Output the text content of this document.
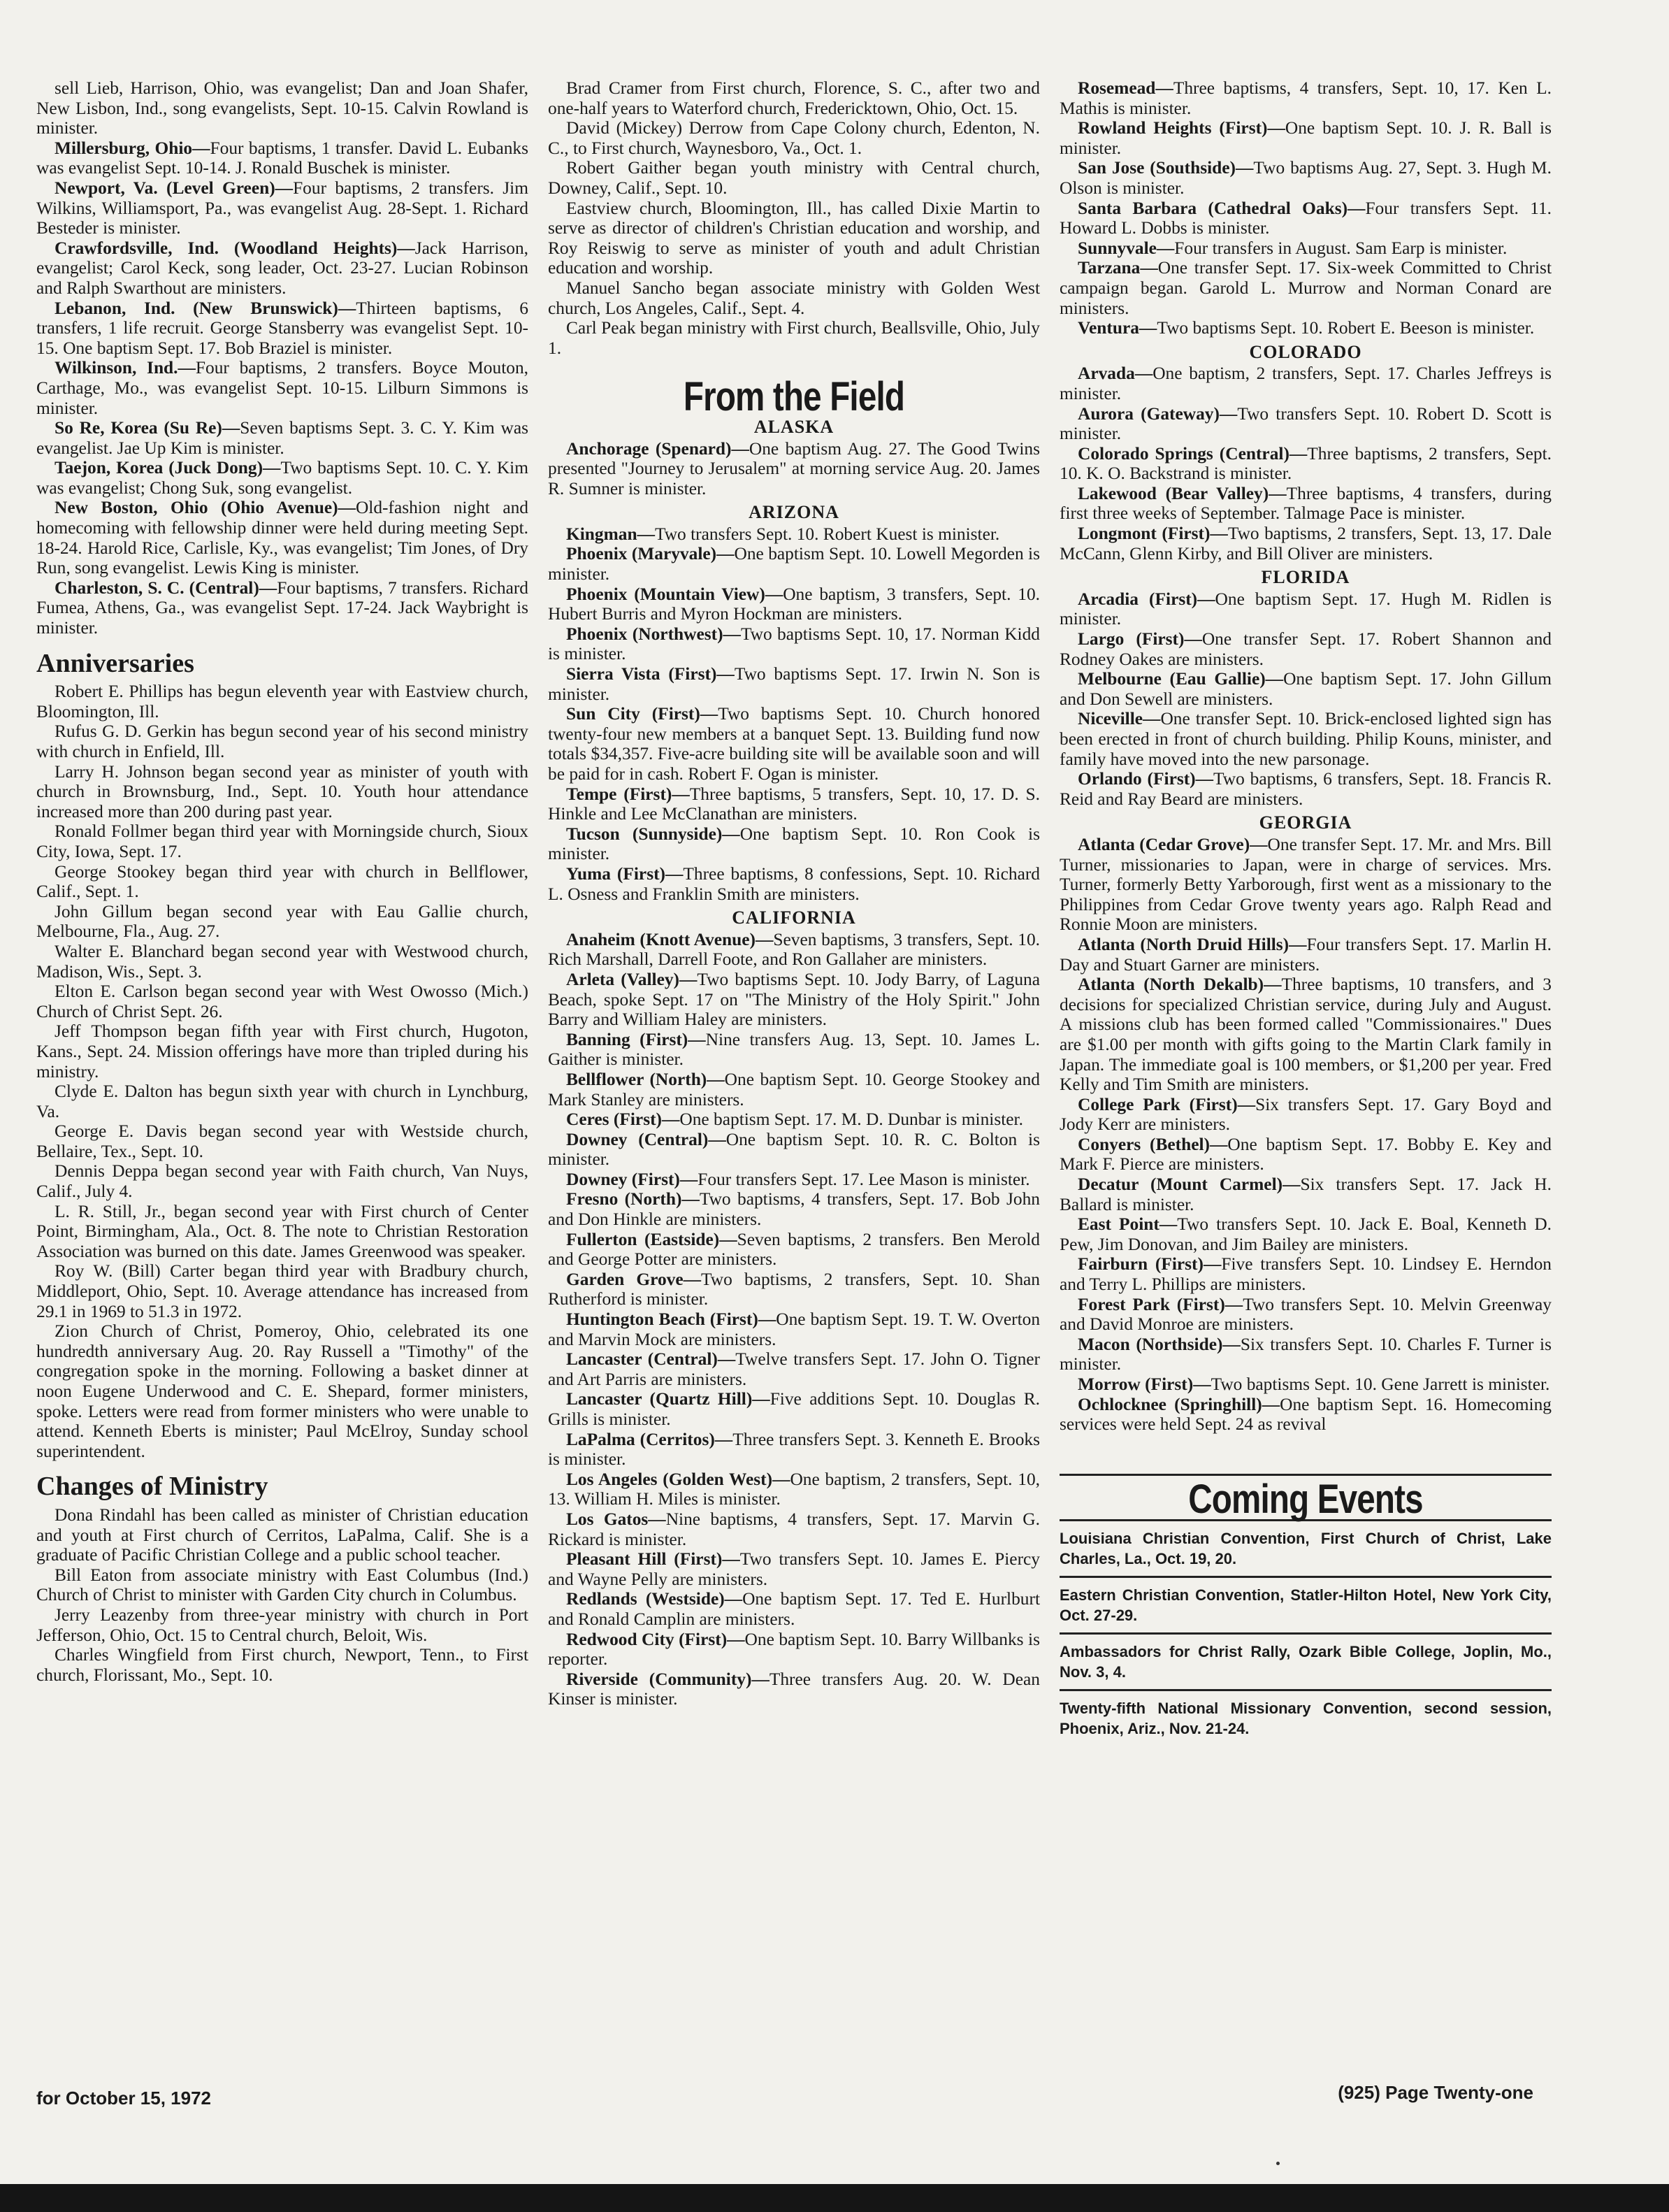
sell Lieb, Harrison, Ohio, was evangelist; Dan and Joan Shafer, New Lisbon, Ind., song evangelists, Sept. 10-15. Calvin Rowland is minister.

Millersburg, Ohio—Four baptisms, 1 transfer. David L. Eubanks was evangelist Sept. 10-14. J. Ronald Buschek is minister.

Newport, Va. (Level Green)—Four baptisms, 2 transfers. Jim Wilkins, Williamsport, Pa., was evangelist Aug. 28-Sept. 1. Richard Besteder is minister.

Crawfordsville, Ind. (Woodland Heights)—Jack Harrison, evangelist; Carol Keck, song leader, Oct. 23-27. Lucian Robinson and Ralph Swarthout are ministers.

Lebanon, Ind. (New Brunswick)—Thirteen baptisms, 6 transfers, 1 life recruit. George Stansberry was evangelist Sept. 10-15. One baptism Sept. 17. Bob Braziel is minister.

Wilkinson, Ind.—Four baptisms, 2 transfers. Boyce Mouton, Carthage, Mo., was evangelist Sept. 10-15. Lilburn Simmons is minister.

So Re, Korea (Su Re)—Seven baptisms Sept. 3. C. Y. Kim was evangelist. Jae Up Kim is minister.

Taejon, Korea (Juck Dong)—Two baptisms Sept. 10. C. Y. Kim was evangelist; Chong Suk, song evangelist.

New Boston, Ohio (Ohio Avenue)—Old-fashion night and homecoming with fellowship dinner were held during meeting Sept. 18-24. Harold Rice, Carlisle, Ky., was evangelist; Tim Jones, of Dry Run, song evangelist. Lewis King is minister.

Charleston, S. C. (Central)—Four baptisms, 7 transfers. Richard Fumea, Athens, Ga., was evangelist Sept. 17-24. Jack Waybright is minister.

Anniversaries

Robert E. Phillips has begun eleventh year with Eastview church, Bloomington, Ill.

Rufus G. D. Gerkin has begun second year of his second ministry with church in Enfield, Ill.

Larry H. Johnson began second year as minister of youth with church in Brownsburg, Ind., Sept. 10. Youth hour attendance increased more than 200 during past year.

Ronald Follmer began third year with Morningside church, Sioux City, Iowa, Sept. 17.

George Stookey began third year with church in Bellflower, Calif., Sept. 1.

John Gillum began second year with Eau Gallie church, Melbourne, Fla., Aug. 27.

Walter E. Blanchard began second year with Westwood church, Madison, Wis., Sept. 3.

Elton E. Carlson began second year with West Owosso (Mich.) Church of Christ Sept. 26.

Jeff Thompson began fifth year with First church, Hugoton, Kans., Sept. 24. Mission offerings have more than tripled during his ministry.

Clyde E. Dalton has begun sixth year with church in Lynchburg, Va.

George E. Davis began second year with Westside church, Bellaire, Tex., Sept. 10.

Dennis Deppa began second year with Faith church, Van Nuys, Calif., July 4.

L. R. Still, Jr., began second year with First church of Center Point, Birmingham, Ala., Oct. 8. The note to Christian Restoration Association was burned on this date. James Greenwood was speaker.

Roy W. (Bill) Carter began third year with Bradbury church, Middleport, Ohio, Sept. 10. Average attendance has increased from 29.1 in 1969 to 51.3 in 1972.

Zion Church of Christ, Pomeroy, Ohio, celebrated its one hundredth anniversary Aug. 20. Ray Russell a "Timothy" of the congregation spoke in the morning. Following a basket dinner at noon Eugene Underwood and C. E. Shepard, former ministers, spoke. Letters were read from former ministers who were unable to attend. Kenneth Eberts is minister; Paul McElroy, Sunday school superintendent.

Changes of Ministry

Dona Rindahl has been called as minister of Christian education and youth at First church of Cerritos, LaPalma, Calif. She is a graduate of Pacific Christian College and a public school teacher.

Bill Eaton from associate ministry with East Columbus (Ind.) Church of Christ to minister with Garden City church in Columbus.

Jerry Leazenby from three-year ministry with church in Port Jefferson, Ohio, Oct. 15 to Central church, Beloit, Wis.

Charles Wingfield from First church, Newport, Tenn., to First church, Florissant, Mo., Sept. 10.

Brad Cramer from First church, Florence, S. C., after two and one-half years to Waterford church, Fredericktown, Ohio, Oct. 15.

David (Mickey) Derrow from Cape Colony church, Edenton, N. C., to First church, Waynesboro, Va., Oct. 1.

Robert Gaither began youth ministry with Central church, Downey, Calif., Sept. 10.

Eastview church, Bloomington, Ill., has called Dixie Martin to serve as director of children's Christian education and worship, and Roy Reiswig to serve as minister of youth and adult Christian education and worship.

Manuel Sancho began associate ministry with Golden West church, Los Angeles, Calif., Sept. 4.

Carl Peak began ministry with First church, Beallsville, Ohio, July 1.

From the Field
ALASKA

Anchorage (Spenard)—One baptism Aug. 27. The Good Twins presented "Journey to Jerusalem" at morning service Aug. 20. James R. Sumner is minister.

ARIZONA

Kingman—Two transfers Sept. 10. Robert Kuest is minister.

Phoenix (Maryvale)—One baptism Sept. 10. Lowell Megorden is minister.

Phoenix (Mountain View)—One baptism, 3 transfers, Sept. 10. Hubert Burris and Myron Hockman are ministers.

Phoenix (Northwest)—Two baptisms Sept. 10, 17. Norman Kidd is minister.

Sierra Vista (First)—Two baptisms Sept. 17. Irwin N. Son is minister.

Sun City (First)—Two baptisms Sept. 10. Church honored twenty-four new members at a banquet Sept. 13. Building fund now totals $34,357. Five-acre building site will be available soon and will be paid for in cash. Robert F. Ogan is minister.

Tempe (First)—Three baptisms, 5 transfers, Sept. 10, 17. D. S. Hinkle and Lee McClanathan are ministers.

Tucson (Sunnyside)—One baptism Sept. 10. Ron Cook is minister.

Yuma (First)—Three baptisms, 8 confessions, Sept. 10. Richard L. Osness and Franklin Smith are ministers.

CALIFORNIA

Anaheim (Knott Avenue)—Seven baptisms, 3 transfers, Sept. 10. Rich Marshall, Darrell Foote, and Ron Gallaher are ministers.

Arleta (Valley)—Two baptisms Sept. 10. Jody Barry, of Laguna Beach, spoke Sept. 17 on "The Ministry of the Holy Spirit." John Barry and William Haley are ministers.

Banning (First)—Nine transfers Aug. 13, Sept. 10. James L. Gaither is minister.

Bellflower (North)—One baptism Sept. 10. George Stookey and Mark Stanley are ministers.

Ceres (First)—One baptism Sept. 17. M. D. Dunbar is minister.

Downey (Central)—One baptism Sept. 10. R. C. Bolton is minister.

Downey (First)—Four transfers Sept. 17. Lee Mason is minister.

Fresno (North)—Two baptisms, 4 transfers, Sept. 17. Bob John and Don Hinkle are ministers.

Fullerton (Eastside)—Seven baptisms, 2 transfers. Ben Merold and George Potter are ministers.

Garden Grove—Two baptisms, 2 transfers, Sept. 10. Shan Rutherford is minister.

Huntington Beach (First)—One baptism Sept. 19. T. W. Overton and Marvin Mock are ministers.

Lancaster (Central)—Twelve transfers Sept. 17. John O. Tigner and Art Parris are ministers.

Lancaster (Quartz Hill)—Five additions Sept. 10. Douglas R. Grills is minister.

LaPalma (Cerritos)—Three transfers Sept. 3. Kenneth E. Brooks is minister.

Los Angeles (Golden West)—One baptism, 2 transfers, Sept. 10, 13. William H. Miles is minister.

Los Gatos—Nine baptisms, 4 transfers, Sept. 17. Marvin G. Rickard is minister.

Pleasant Hill (First)—Two transfers Sept. 10. James E. Piercy and Wayne Pelly are ministers.

Redlands (Westside)—One baptism Sept. 17. Ted E. Hurlburt and Ronald Camplin are ministers.

Redwood City (First)—One baptism Sept. 10. Barry Willbanks is reporter.

Riverside (Community)—Three transfers Aug. 20. W. Dean Kinser is minister.

Rosemead—Three baptisms, 4 transfers, Sept. 10, 17. Ken L. Mathis is minister.

Rowland Heights (First)—One baptism Sept. 10. J. R. Ball is minister.

San Jose (Southside)—Two baptisms Aug. 27, Sept. 3. Hugh M. Olson is minister.

Santa Barbara (Cathedral Oaks)—Four transfers Sept. 11. Howard L. Dobbs is minister.

Sunnyvale—Four transfers in August. Sam Earp is minister.

Tarzana—One transfer Sept. 17. Six-week Committed to Christ campaign began. Garold L. Murrow and Norman Conard are ministers.

Ventura—Two baptisms Sept. 10. Robert E. Beeson is minister.

COLORADO

Arvada—One baptism, 2 transfers, Sept. 17. Charles Jeffreys is minister.

Aurora (Gateway)—Two transfers Sept. 10. Robert D. Scott is minister.

Colorado Springs (Central)—Three baptisms, 2 transfers, Sept. 10. K. O. Backstrand is minister.

Lakewood (Bear Valley)—Three baptisms, 4 transfers, during first three weeks of September. Talmage Pace is minister.

Longmont (First)—Two baptisms, 2 transfers, Sept. 13, 17. Dale McCann, Glenn Kirby, and Bill Oliver are ministers.

FLORIDA

Arcadia (First)—One baptism Sept. 17. Hugh M. Ridlen is minister.

Largo (First)—One transfer Sept. 17. Robert Shannon and Rodney Oakes are ministers.

Melbourne (Eau Gallie)—One baptism Sept. 17. John Gillum and Don Sewell are ministers.

Niceville—One transfer Sept. 10. Brick-enclosed lighted sign has been erected in front of church building. Philip Kouns, minister, and family have moved into the new parsonage.

Orlando (First)—Two baptisms, 6 transfers, Sept. 18. Francis R. Reid and Ray Beard are ministers.

GEORGIA

Atlanta (Cedar Grove)—One transfer Sept. 17. Mr. and Mrs. Bill Turner, missionaries to Japan, were in charge of services. Mrs. Turner, formerly Betty Yarborough, first went as a missionary to the Philippines from Cedar Grove twenty years ago. Ralph Read and Ronnie Moon are ministers.

Atlanta (North Druid Hills)—Four transfers Sept. 17. Marlin H. Day and Stuart Garner are ministers.

Atlanta (North Dekalb)—Three baptisms, 10 transfers, and 3 decisions for specialized Christian service, during July and August. A missions club has been formed called "Commissionaires." Dues are $1.00 per month with gifts going to the Martin Clark family in Japan. The immediate goal is 100 members, or $1,200 per year. Fred Kelly and Tim Smith are ministers.

College Park (First)—Six transfers Sept. 17. Gary Boyd and Jody Kerr are ministers.

Conyers (Bethel)—One baptism Sept. 17. Bobby E. Key and Mark F. Pierce are ministers.

Decatur (Mount Carmel)—Six transfers Sept. 17. Jack H. Ballard is minister.

East Point—Two transfers Sept. 10. Jack E. Boal, Kenneth D. Pew, Jim Donovan, and Jim Bailey are ministers.

Fairburn (First)—Five transfers Sept. 10. Lindsey E. Herndon and Terry L. Phillips are ministers.

Forest Park (First)—Two transfers Sept. 10. Melvin Greenway and David Monroe are ministers.

Macon (Northside)—Six transfers Sept. 10. Charles F. Turner is minister.

Morrow (First)—Two baptisms Sept. 10. Gene Jarrett is minister.

Ochlocknee (Springhill)—One baptism Sept. 16. Homecoming services were held Sept. 24 as revival

Coming Events
Louisiana Christian Convention, First Church of Christ, Lake Charles, La., Oct. 19, 20.
Eastern Christian Convention, Statler-Hilton Hotel, New York City, Oct. 27-29.
Ambassadors for Christ Rally, Ozark Bible College, Joplin, Mo., Nov. 3, 4.
Twenty-fifth National Missionary Convention, second session, Phoenix, Ariz., Nov. 21-24.
for October 15, 1972	(925) Page Twenty-one
